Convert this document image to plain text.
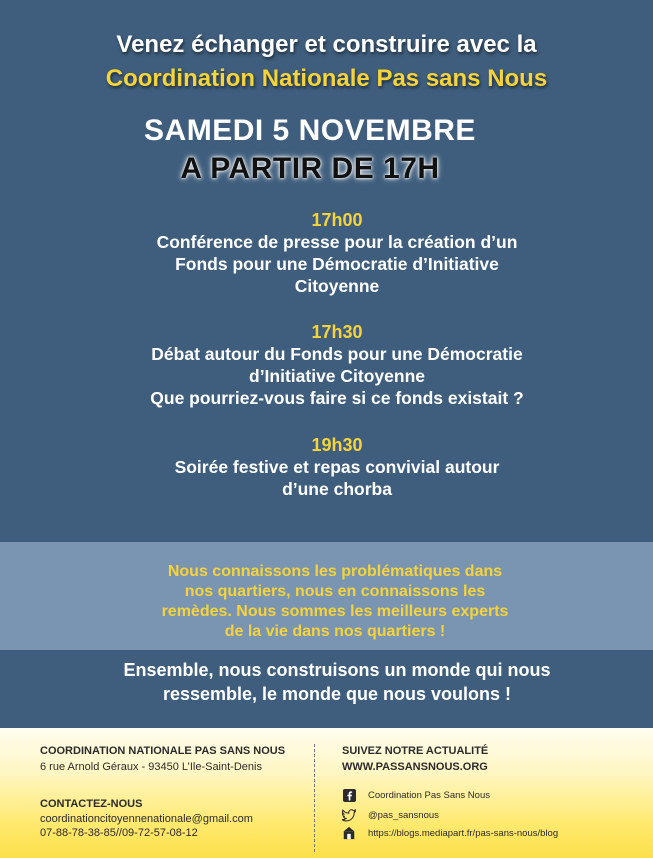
Venez échanger et construire avec la
Coordination Nationale Pas sans Nous
SAMEDI 5 NOVEMBRE
A PARTIR DE 17H
17h00
Conférence de presse pour la création d’un
Fonds pour une Démocratie d’Initiative
Citoyenne
17h30
Débat autour du Fonds pour une Démocratie
d’Initiative Citoyenne
Que pourriez-vous faire si ce fonds existait ?
19h30
Soirée festive et repas convivial autour
d’une chorba
Nous connaissons les problématiques dans
nos quartiers, nous en connaissons les
remèdes. Nous sommes les meilleurs experts
de la vie dans nos quartiers !
Ensemble, nous construisons un monde qui nous
ressemble, le monde que nous voulons !
COORDINATION NATIONALE PAS SANS NOUS
6 rue Arnold Géraux - 93450 L’Ile-Saint-Denis
CONTACTEZ-NOUS
coordinationcitoyennenationale@gmail.com
07-88-78-38-85//09-72-57-08-12
SUIVEZ NOTRE ACTUALITÉ
WWW.PASSANSNOUS.ORG
Coordination Pas Sans Nous
@pas_sansnous
https://blogs.mediapart.fr/pas-sans-nous/blog
